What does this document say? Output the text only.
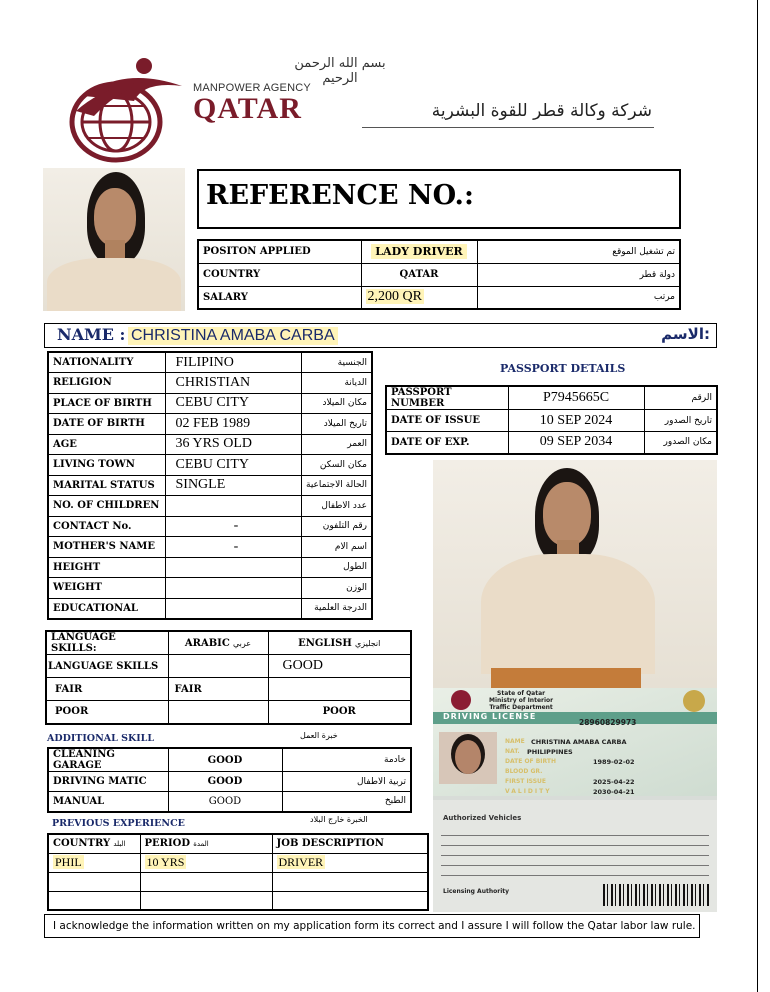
بسم الله الرحمن الرحيم
MANPOWER AGENCY
QATAR	شركة وكالة قطر للقوة البشرية
REFERENCE NO.:
POSITON APPLIED	LADY DRIVER	تم تشغيل الموقع
COUNTRY	QATAR	دولة قطر
SALARY	2,200 QR	مرتب
NAME : CHRISTINA AMABA CARBA	الاسم:
NATIONALITY	FILIPINO	الجنسية
RELIGION	CHRISTIAN	الديانة
PLACE OF BIRTH	CEBU CITY	مكان الميلاد
DATE OF BIRTH	02 FEB 1989	تاريخ الميلاد
AGE	36 YRS OLD	العمر
LIVING TOWN	CEBU CITY	مكان السكن
MARITAL STATUS	SINGLE	الحالة الاجتماعية
NO. OF CHILDREN		عدد الاطفال
CONTACT No.	-	رقم التلفون
MOTHER'S NAME	-	اسم الام
HEIGHT		الطول
WEIGHT		الوزن
EDUCATIONAL		الدرجة العلمية
PASSPORT DETAILS
PASSPORT NUMBER	P7945665C	الرقم
DATE OF ISSUE	10 SEP 2024	تاريخ الصدور
DATE OF EXP.	09 SEP 2034	مكان الصدور
State of Qatar
Ministry of Interior
Traffic Department
DRIVING LICENSE
28960829973
NAME CHRISTINA AMABA CARBA
NAT. PHILIPPINES
DATE OF BIRTH	1989-02-02
BLOOD GR.
FIRST ISSUE	2025-04-22
VALIDITY	2030-04-21
Authorized Vehicles
Licensing Authority
LANGUAGE SKILLS:	ARABIC عربي	ENGLISH انجليزي
LANGUAGE SKILLS		GOOD
FAIR	FAIR	
POOR		POOR
ADDITIONAL SKILL	خبرة العمل
CLEANING GARAGE	GOOD	خادمة
DRIVING MATIC	GOOD	تربية الاطفال
MANUAL	GOOD	الطبخ
PREVIOUS EXPERIENCE	الخبرة خارج البلاد
COUNTRY البلد	PERIOD المدة	JOB DESCRIPTION
PHIL	10 YRS	DRIVER

I acknowledge the information written on my application form its correct and I assure I will follow the Qatar labor law rule.
